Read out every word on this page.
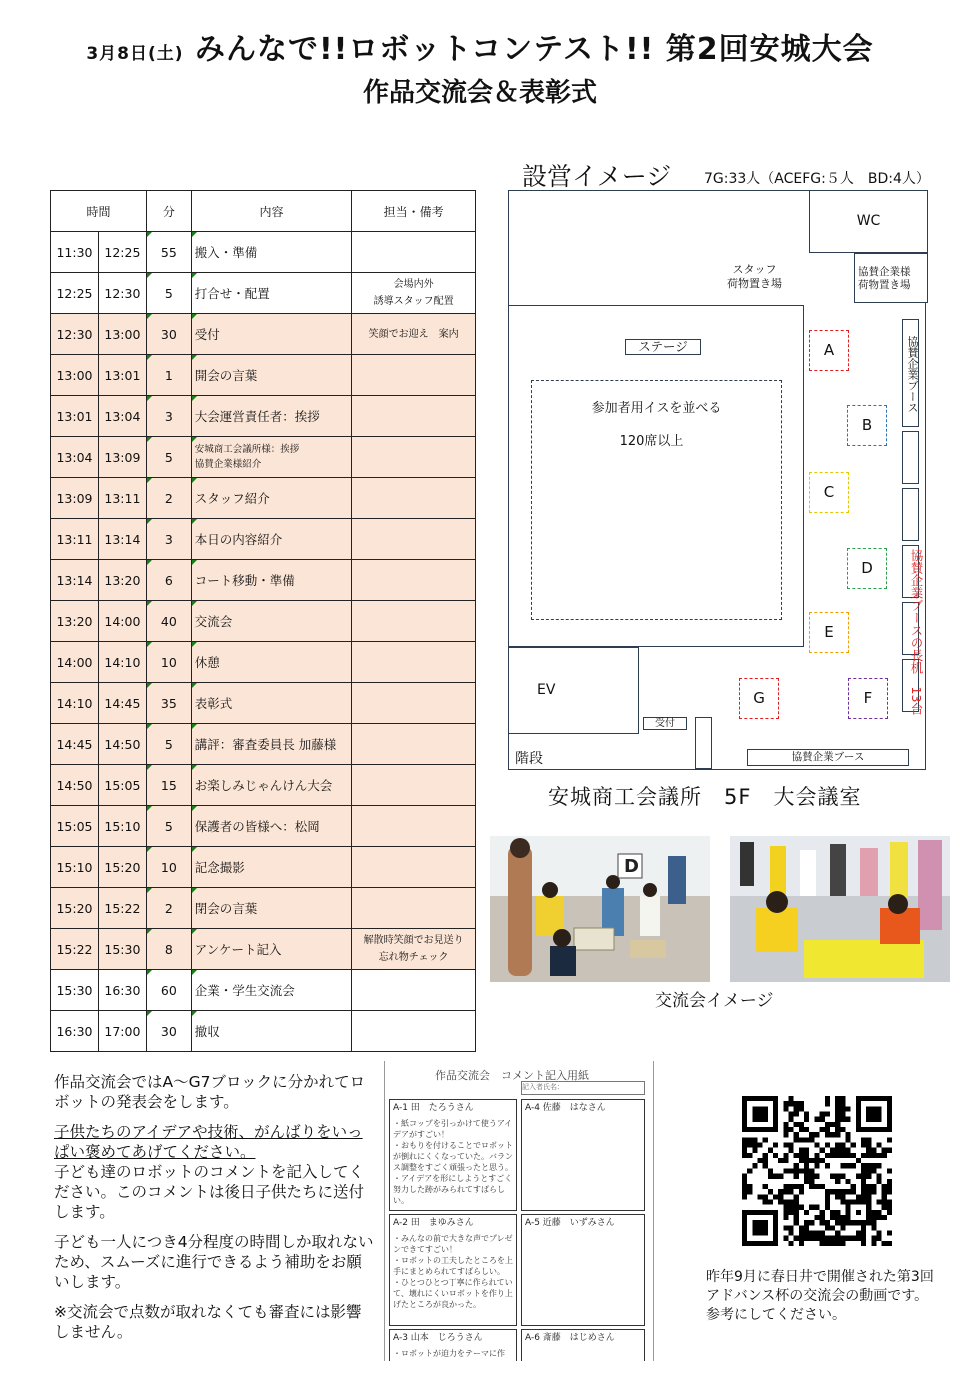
3月8日(土) みんなで!!ロボットコンテスト!! 第2回安城大会
作品交流会＆表彰式
時間		分	内容	担当・備考
11:30	12:25	55	搬入・準備	
12:25	12:30	5	打合せ・配置	会場内外
誘導スタッフ配置
12:30	13:00	30	受付	笑顔でお迎え　案内
13:00	13:01	1	開会の言葉	
13:01	13:04	3	大会運営責任者：挨拶	
13:04	13:09	5	安城商工会議所様：挨拶
協賛企業様紹介	
13:09	13:11	2	スタッフ紹介	
13:11	13:14	3	本日の内容紹介	
13:14	13:20	6	コート移動・準備	
13:20	14:00	40	交流会	
14:00	14:10	10	休憩	
14:10	14:45	35	表彰式	
14:45	14:50	5	講評：審査委員長 加藤様	
14:50	15:05	15	お楽しみじゃんけん大会	
15:05	15:10	5	保護者の皆様へ：松岡	
15:10	15:20	10	記念撮影	
15:20	15:22	2	閉会の言葉	
15:22	15:30	8	アンケート記入	解散時笑顔でお見送り
忘れ物チェック
15:30	16:30	60	企業・学生交流会	
16:30	17:00	30	撤収	
設営イメージ 7G:33人（ACEFG:５人　BD:4人）
WC
スタッフ
荷物置き場
協賛企業様
荷物置き場
ステージ
参加者用イスを並べる
120席以上
EV
階段
受付
協賛企業ブース
協賛企業ブース
協賛企業ブースの長机　13台
A
B
C
D
E
F
G
安城商工会議所　5F　大会議室
D
交流会イメージ

作品交流会ではA～G7ブロックに分かれてロボットの発表会をします。

子供たちのアイデアや技術、がんばりをいっぱい褒めてあげてください。

子ども達のロボットのコメントを記入してください。このコメントは後日子供たちに送付します。

子ども一人につき4分程度の時間しか取れないため、スムーズに進行できるよう補助をお願いします。

※交流会で点数が取れなくても審査には影響しません。

作品交流会　コメント記入用紙
記入者氏名：
A-1 田　たろうさん
・紙コップを引っかけて使うアイデアがすごい！
・おもりを付けることでロボットが倒れにくくなっていた。バランス調整をすごく頑張ったと思う。
・アイデアを形にしようとすごく努力した跡がみられてすばらしい。
A-4 佐藤　はなさん
A-2 田　まゆみさん
・みんなの前で大きな声でプレゼンできてすごい！
・ロボットの工夫したところを上手にまとめられてすばらしい。
・ひとつひとつ丁寧に作られていて、壊れにくいロボットを作り上げたところが良かった。
A-5 近藤　いずみさん
A-3 山本　じろうさん
・ロボットが迫力をテーマに作
A-6 斎藤　はじめさん
昨年9月に春日井で開催された第3回アドバンス杯の交流会の動画です。
参考にしてください。
